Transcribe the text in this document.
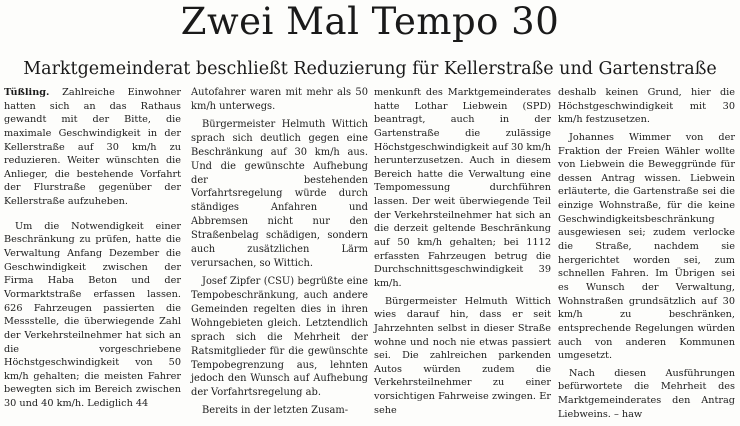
Zwei Mal Tempo 30
Marktgemeinderat beschließt Reduzierung für Kellerstraße und Gartenstraße

Tüßling. Zahlreiche Einwohner hatten sich an das Rathaus gewandt mit der Bitte, die maximale Geschwindigkeit in der Kellerstraße auf 30 km/h zu reduzieren. Weiter wünschten die Anlieger, die bestehende Vorfahrt der Flurstraße gegenüber der Kellerstraße aufzuheben.

Um die Notwendigkeit einer Beschränkung zu prüfen, hatte die Verwaltung Anfang Dezember die Geschwindigkeit zwischen der Firma Haba Beton und der Vormarktstraße erfassen lassen. 626 Fahrzeugen passierten die Messstelle, die überwiegende Zahl der Verkehrsteilnehmer hat sich an die vorgeschriebene Höchstgeschwindigkeit von 50 km/h gehalten; die meisten Fahrer bewegten sich im Bereich zwischen 30 und 40 km/h. Lediglich 44

Autofahrer waren mit mehr als 50 km/h unterwegs.

Bürgermeister Helmuth Wittich sprach sich deutlich gegen eine Beschränkung auf 30 km/h aus. Und die gewünschte Aufhebung der bestehenden Vorfahrtsregelung würde durch ständiges Anfahren und Abbremsen nicht nur den Straßenbelag schädigen, sondern auch zusätzlichen Lärm verursachen, so Wittich.

Josef Zipfer (CSU) begrüßte eine Tempobeschränkung, auch andere Gemeinden regelten dies in ihren Wohngebieten gleich. Letztendlich sprach sich die Mehrheit der Ratsmitglieder für die gewünschte Tempobegrenzung aus, lehnten jedoch den Wunsch auf Aufhebung der Vorfahrtsregelung ab.

Bereits in der letzten Zusam-

menkunft des Marktgemeinderates hatte Lothar Liebwein (SPD) beantragt, auch in der Gartenstraße die zulässige Höchstgeschwindigkeit auf 30 km/h herunterzusetzen. Auch in diesem Bereich hatte die Verwaltung eine Tempomessung durchführen lassen. Der weit überwiegende Teil der Verkehrsteilnehmer hat sich an die derzeit geltende Beschränkung auf 50 km/h gehalten; bei 1112 erfassten Fahrzeugen betrug die Durchschnittsgeschwindigkeit 39 km/h.

Bürgermeister Helmuth Wittich wies darauf hin, dass er seit Jahrzehnten selbst in dieser Straße wohne und noch nie etwas passiert sei. Die zahlreichen parkenden Autos würden zudem die Verkehrsteilnehmer zu einer vorsichtigen Fahrweise zwingen. Er sehe

deshalb keinen Grund, hier die Höchstgeschwindigkeit mit 30 km/h festzusetzen.

Johannes Wimmer von der Fraktion der Freien Wähler wollte von Liebwein die Beweggründe für dessen Antrag wissen. Liebwein erläuterte, die Gartenstraße sei die einzige Wohnstraße, für die keine Geschwindigkeitsbeschränkung ausgewiesen sei; zudem verlocke die Straße, nachdem sie hergerichtet worden sei, zum schnellen Fahren. Im Übrigen sei es Wunsch der Verwaltung, Wohnstraßen grundsätzlich auf 30 km/h zu beschränken, entsprechende Regelungen würden auch von anderen Kommunen umgesetzt.

Nach diesen Ausführungen befürwortete die Mehrheit des Marktgemeinderates den Antrag Liebweins. – haw
